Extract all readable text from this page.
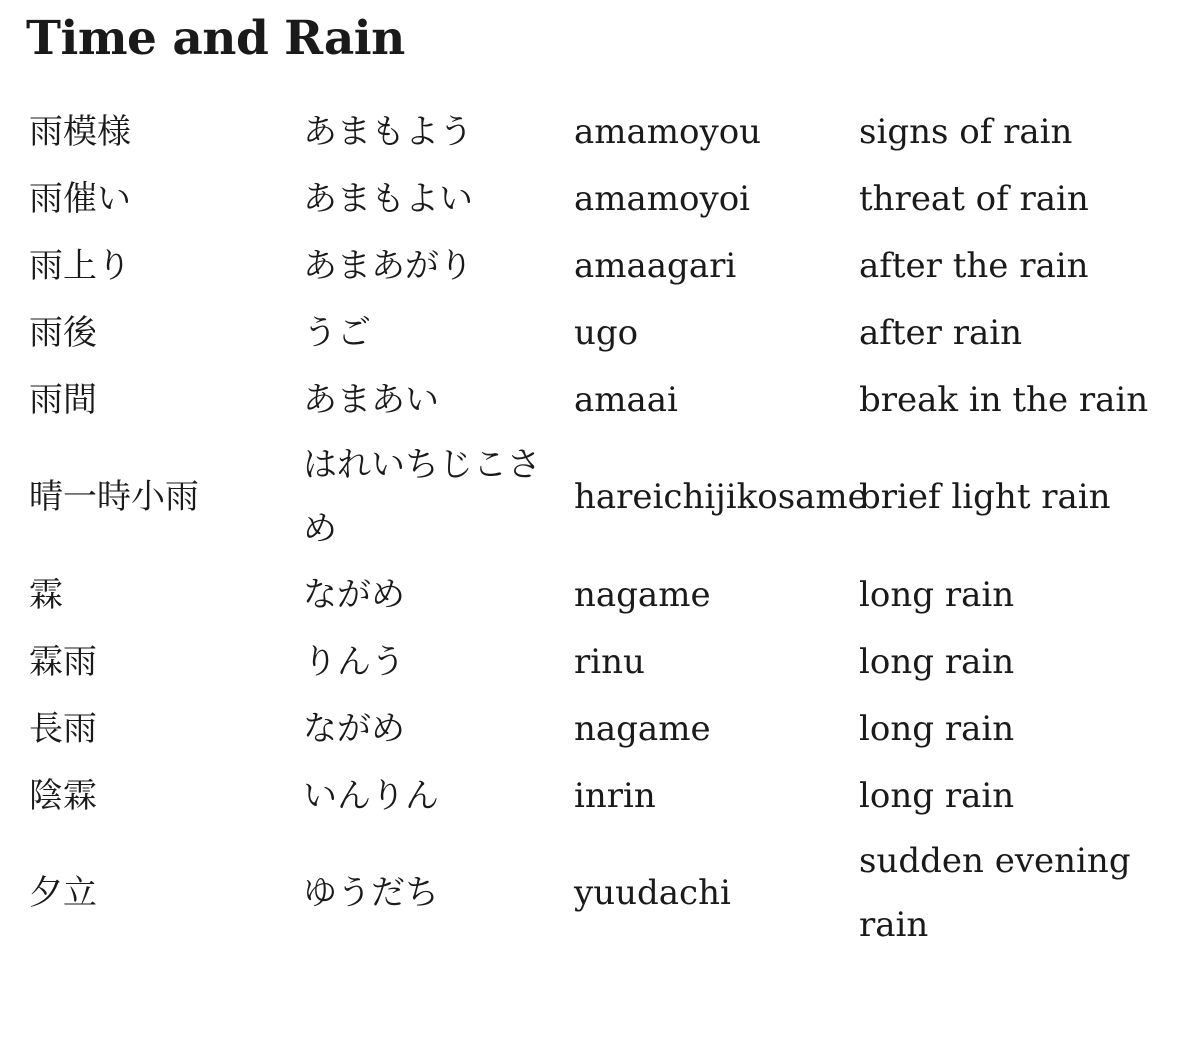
Time and Rain
雨模様	あまもよう	amamoyou	signs of rain
雨催い	あまもよい	amamoyoi	threat of rain
雨上り	あまあがり	amaagari	after the rain
雨後	うご	ugo	after rain
雨間	あまあい	amaai	break in the rain
晴一時小雨	はれいちじこさめ	hareichijikosame	brief light rain
霖	ながめ	nagame	long rain
霖雨	りんう	rinu	long rain
長雨	ながめ	nagame	long rain
陰霖	いんりん	inrin	long rain
夕立	ゆうだち	yuudachi	sudden evening rain
